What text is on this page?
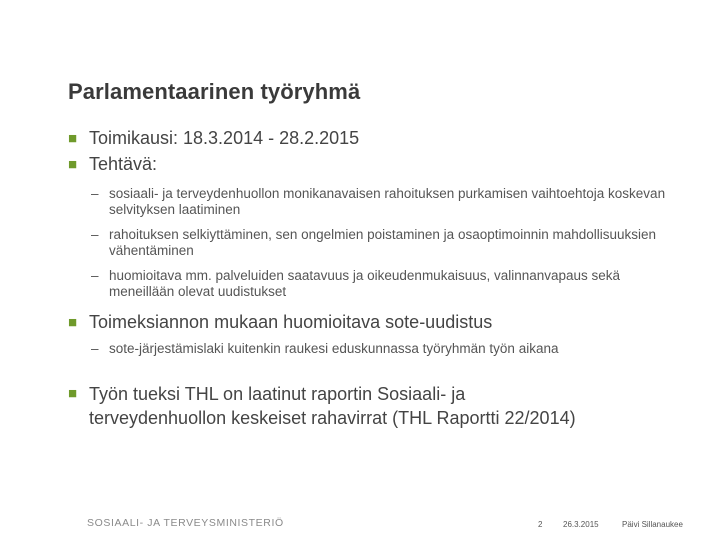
Parlamentaarinen työryhmä
■ Toimikausi: 18.3.2014 - 28.2.2015
■ Tehtävä:
– sosiaali- ja terveydenhuollon monikanavaisen rahoituksen purkamisen vaihtoehtoja koskevan selvityksen laatiminen
– rahoituksen selkiyttäminen, sen ongelmien poistaminen ja osaoptimoinnin mahdollisuuksien vähentäminen
– huomioitava mm. palveluiden saatavuus ja oikeudenmukaisuus, valinnanvapaus sekä meneillään olevat uudistukset
■ Toimeksiannon mukaan huomioitava sote-uudistus
– sote-järjestämislaki kuitenkin raukesi eduskunnassa työryhmän työn aikana
■ Työn tueksi THL on laatinut raportin Sosiaali- ja terveydenhuollon keskeiset rahavirrat (THL Raportti 22/2014)
SOSIAALI- JA TERVEYSMINISTERIÖ	2	26.3.2015	Päivi Sillanaukee
